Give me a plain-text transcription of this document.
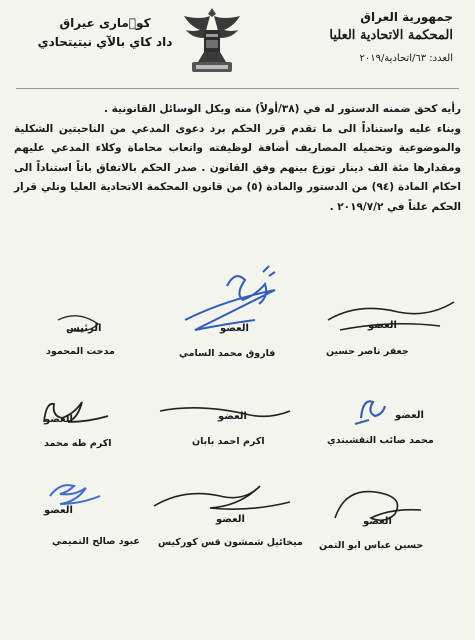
جمهورية العراق
المحكمة الاتحادية العليا
العدد: ٦٣/اتحادية/٢٠١٩
كو٘مارى عيراق
داد كاي بالآي نيتيتحادي

رأيه كحق ضمنه الدستور له في (٣٨/أولاً) منه وبكل الوسائل القانونية .

وبناء عليه واستناداً الى ما تقدم قرر الحكم برد دعوى المدعي من الناحيتين الشكلية والموضوعية وتحميله المصاريف أضافة لوظيفته واتعاب محاماة وكلاء المدعي عليهم ومقدارها مئة الف دينار توزع بينهم وفق القانون . صدر الحكم بالاتفاق باتاً استناداً الى احكام المادة (٩٤) من الدستور والمادة (٥) من قانون المحكمة الاتحادية العليا وتلي قرار الحكم علناً في ٢٠١٩/٧/٢ .

الرئيس
مدحت المحمود
العضو
فاروق محمد السامي
العضو
جعفر ناصر حسين
العضو
اكرم طه محمد
العضو
اكرم احمد بابان
العضو
محمد صائب النقشبندي
العضو
عبود صالح التميمي
العضو
ميخائيل شمشون قس كوركيس
العضو
حسين عباس ابو التمن
